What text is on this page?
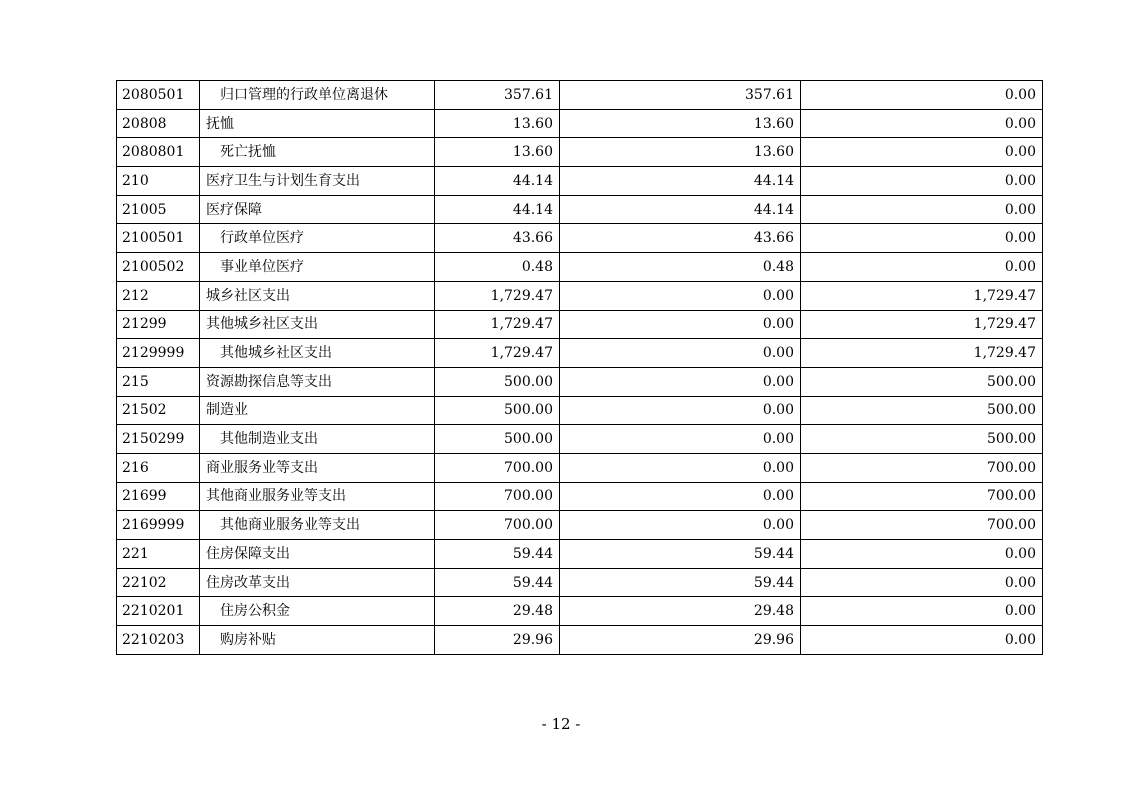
2080501	归口管理的行政单位离退休	357.61	357.61	0.00
20808	抚恤	13.60	13.60	0.00
2080801	死亡抚恤	13.60	13.60	0.00
210	医疗卫生与计划生育支出	44.14	44.14	0.00
21005	医疗保障	44.14	44.14	0.00
2100501	行政单位医疗	43.66	43.66	0.00
2100502	事业单位医疗	0.48	0.48	0.00
212	城乡社区支出	1,729.47	0.00	1,729.47
21299	其他城乡社区支出	1,729.47	0.00	1,729.47
2129999	其他城乡社区支出	1,729.47	0.00	1,729.47
215	资源勘探信息等支出	500.00	0.00	500.00
21502	制造业	500.00	0.00	500.00
2150299	其他制造业支出	500.00	0.00	500.00
216	商业服务业等支出	700.00	0.00	700.00
21699	其他商业服务业等支出	700.00	0.00	700.00
2169999	其他商业服务业等支出	700.00	0.00	700.00
221	住房保障支出	59.44	59.44	0.00
22102	住房改革支出	59.44	59.44	0.00
2210201	住房公积金	29.48	29.48	0.00
2210203	购房补贴	29.96	29.96	0.00
- 12 -
